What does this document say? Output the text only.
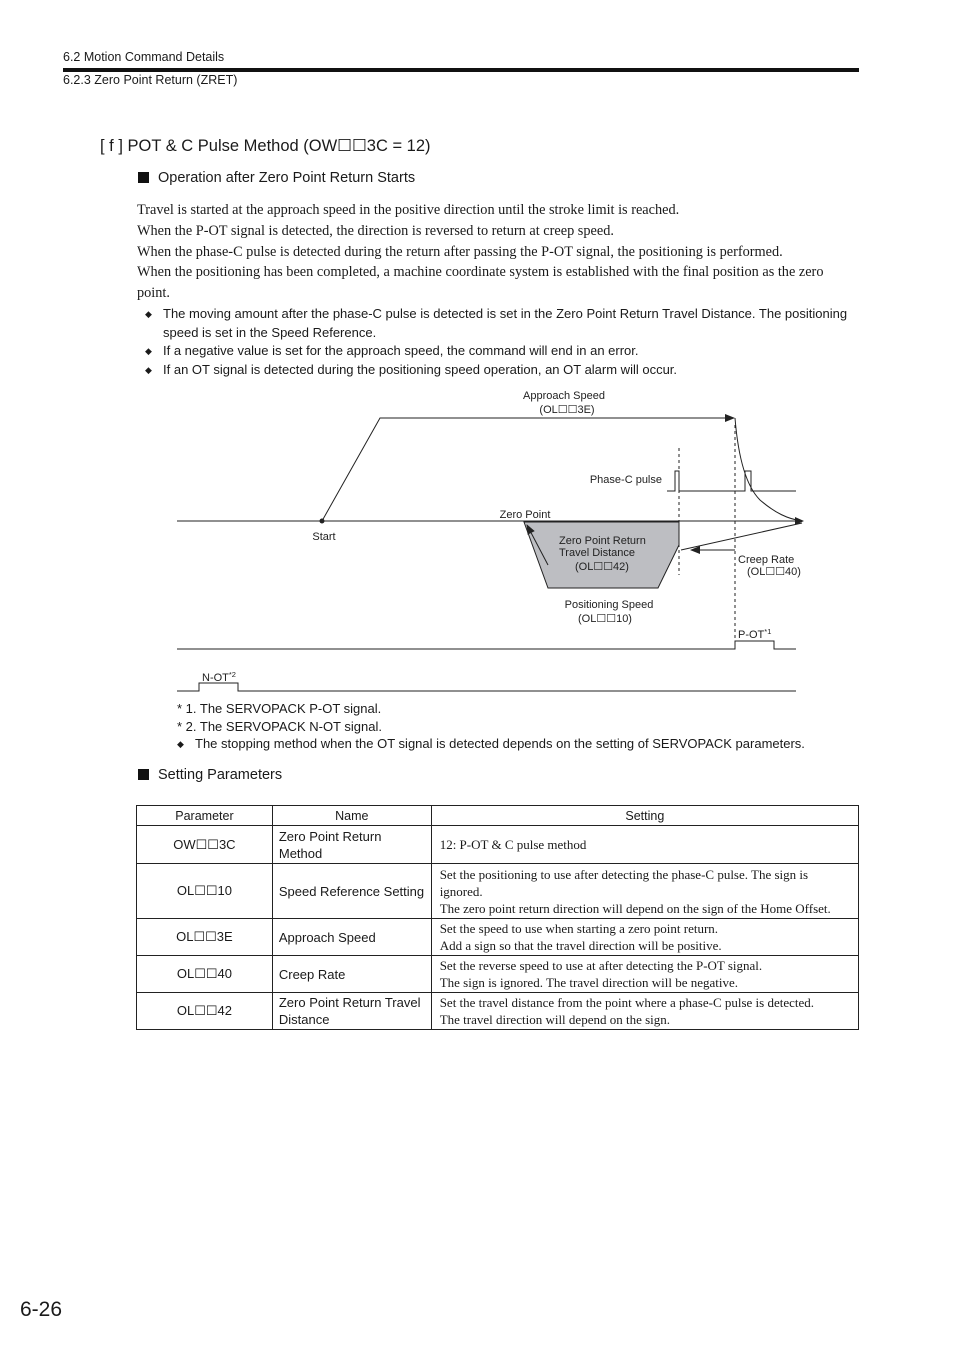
6.2 Motion Command Details
6.2.3 Zero Point Return (ZRET)
[ f ] POT & C Pulse Method (OW☐☐3C = 12)
Operation after Zero Point Return Starts

Travel is started at the approach speed in the positive direction until the stroke limit is reached.

When the P-OT signal is detected, the direction is reversed to return at creep speed.

When the phase-C pulse is detected during the return after passing the P-OT signal, the positioning is performed.

When the positioning has been completed, a machine coordinate system is established with the final position as the zero point.

◆ The moving amount after the phase-C pulse is detected is set in the Zero Point Return Travel Distance. The positioning speed is set in the Speed Reference.
◆ If a negative value is set for the approach speed, the command will end in an error.
◆ If an OT signal is detected during the positioning speed operation, an OT alarm will occur.
Approach Speed
(OL☐☐3E)
Phase-C pulse
Zero Point
Start	Zero Point Return
Travel Distance
(OL☐☐42)
Creep Rate
(OL☐☐40)
Positioning Speed
(OL☐☐10)
P-OT$^{*1}$
N-OT$^{*2}$
* 1. The SERVOPACK P-OT signal.
* 2. The SERVOPACK N-OT signal.
◆ The stopping method when the OT signal is detected depends on the setting of SERVOPACK parameters.
Setting Parameters
Parameter	Name	Setting
OW☐☐3C	Zero Point Return Method	12: P-OT & C pulse method

OL☐☐10	Speed Reference Setting	Set the positioning to use after detecting the phase-C pulse. The sign is ignored.
The zero point return direction will depend on the sign of the Home Offset.

OL☐☐3E	Approach Speed	Set the speed to use when starting a zero point return.
Add a sign so that the travel direction will be positive.

OL☐☐40	Creep Rate	Set the reverse speed to use at after detecting the P-OT signal.
The sign is ignored. The travel direction will be negative.

OL☐☐42	Zero Point Return Travel Distance	Set the travel distance from the point where a phase-C pulse is detected.
The travel direction will depend on the sign.
6-26
